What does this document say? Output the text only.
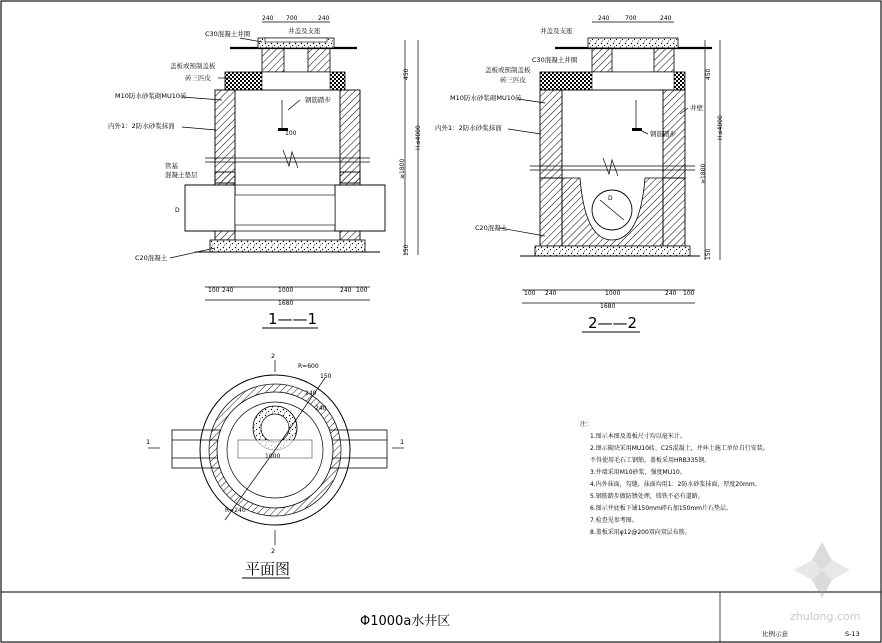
Φ1000a水井区
比例示意	S-13
zhulong.com
240 700	240
C30混凝土井圈	井盖及支座
盖板或预制盖板
砖三匹皮
M10防水砂浆砌MU10砖
内外1：2防水砂浆抹面
管基
混凝土垫层
C20混凝土
钢筋踏步
100
D
450
≥1800
150
H≤4000
100 240	1000	240 100
1680
1——1
240	700	240
井盖及支座
C30混凝土井圈
盖板或预制盖板
砖三匹皮
M10防水砂浆砌MU10砖
内外1：2防水砂浆抹面
钢筋踏步
井壁
C20混凝土
D
450
≥1800
150
H≤4000
100 240	1000	240 100
1680
2——2
R=600
150
240
240
1000
R=240
2
2
1	1
平面图
注：
1.图示本图及盖板尺寸均以毫米计。
2.图示砌块采用MU10砖、C25混凝土，并环土施工单位自行安装。
不得使用毛石工钢筋，盖板采用HRB335钢。
3.井墙采用M10砂浆，强度MU10。
4.内外抹面，勾缝，抹面均用1：2防水砂浆抹面，厚度20mm。
5.钢筋踏步做防锈处理，铸铁不必有道路。
6.图示井底板下铺150mm碎石加150mm片石垫层。
7.检查见参考图。
8.盖板采用φ12@200双向双层布筋。
